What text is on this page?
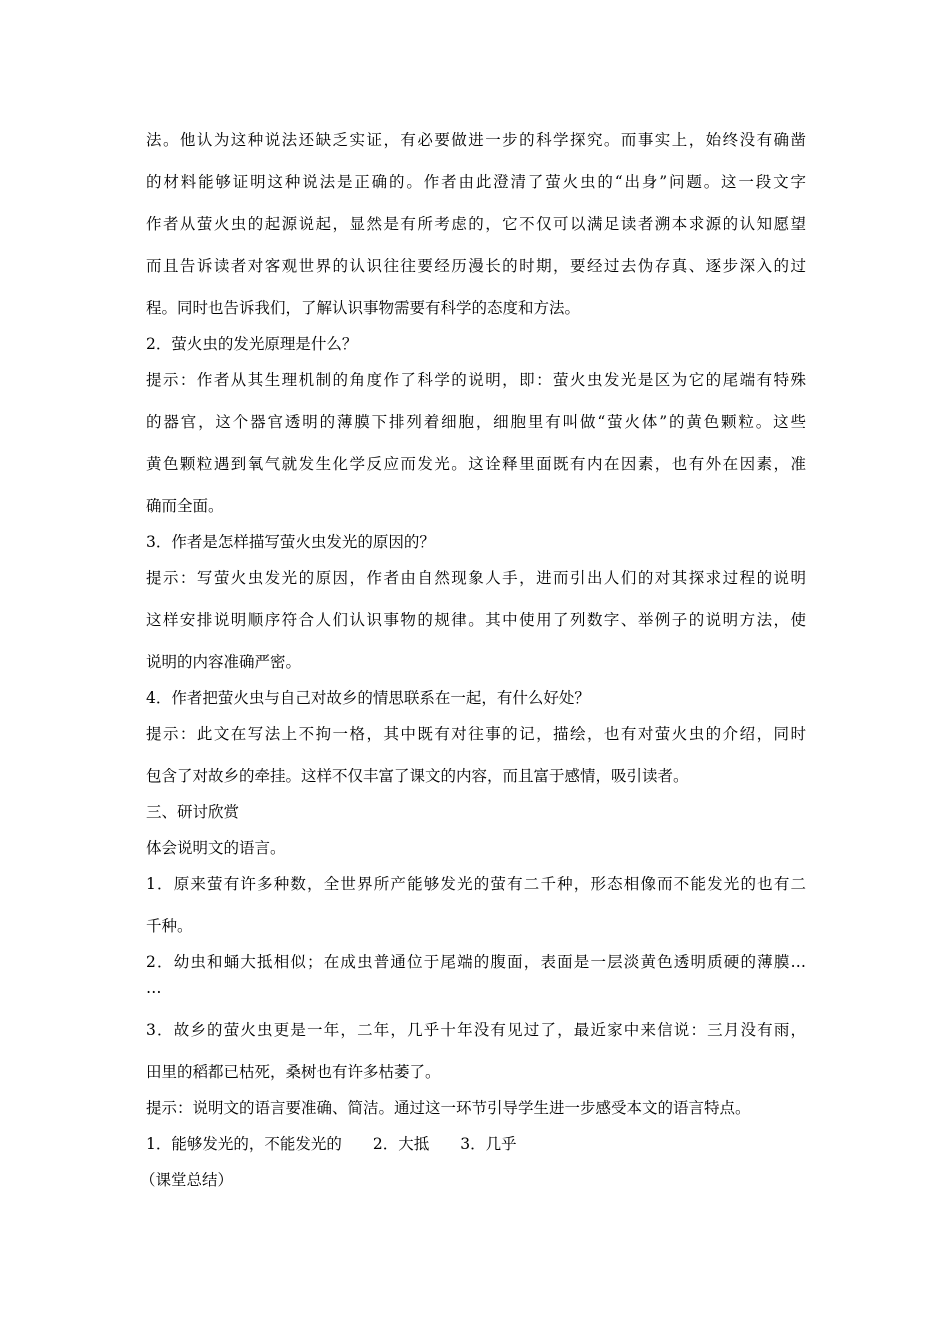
法。他认为这种说法还缺乏实证，有必要做进一步的科学探究。而事实上，始终没有确凿
的材料能够证明这种说法是正确的。作者由此澄清了萤火虫的“出身”问题。这一段文字
作者从萤火虫的起源说起，显然是有所考虑的，它不仅可以满足读者溯本求源的认知愿望
而且告诉读者对客观世界的认识往往要经历漫长的时期，要经过去伪存真、逐步深入的过
程。同时也告诉我们，了解认识事物需要有科学的态度和方法。
2．萤火虫的发光原理是什么？
提示：作者从其生理机制的角度作了科学的说明，即：萤火虫发光是区为它的尾端有特殊
的器官，这个器官透明的薄膜下排列着细胞，细胞里有叫做“萤火体”的黄色颗粒。这些
黄色颗粒遇到氧气就发生化学反应而发光。这诠释里面既有内在因素，也有外在因素，准
确而全面。
3．作者是怎样描写萤火虫发光的原因的？
提示：写萤火虫发光的原因，作者由自然现象人手，进而引出人们的对其探求过程的说明
这样安排说明顺序符合人们认识事物的规律。其中使用了列数字、举例子的说明方法，使
说明的内容准确严密。
4．作者把萤火虫与自己对故乡的情思联系在一起，有什么好处？
提示：此文在写法上不拘一格，其中既有对往事的记，描绘，也有对萤火虫的介绍，同时
包含了对故乡的牵挂。这样不仅丰富了课文的内容，而且富于感情，吸引读者。
三、研讨欣赏
体会说明文的语言。
1．原来萤有许多种数，全世界所产能够发光的萤有二千种，形态相像而不能发光的也有二
千种。
2．幼虫和蛹大抵相似；在成虫普通位于尾端的腹面，表面是一层淡黄色透明质硬的薄膜…
…
3．故乡的萤火虫更是一年，二年，几乎十年没有见过了，最近家中来信说：三月没有雨，
田里的稻都已枯死，桑树也有许多枯萎了。
提示：说明文的语言要准确、简洁。通过这一环节引导学生进一步感受本文的语言特点。
1．能够发光的，不能发光的　　2．大抵　　3．几乎
（课堂总结）
